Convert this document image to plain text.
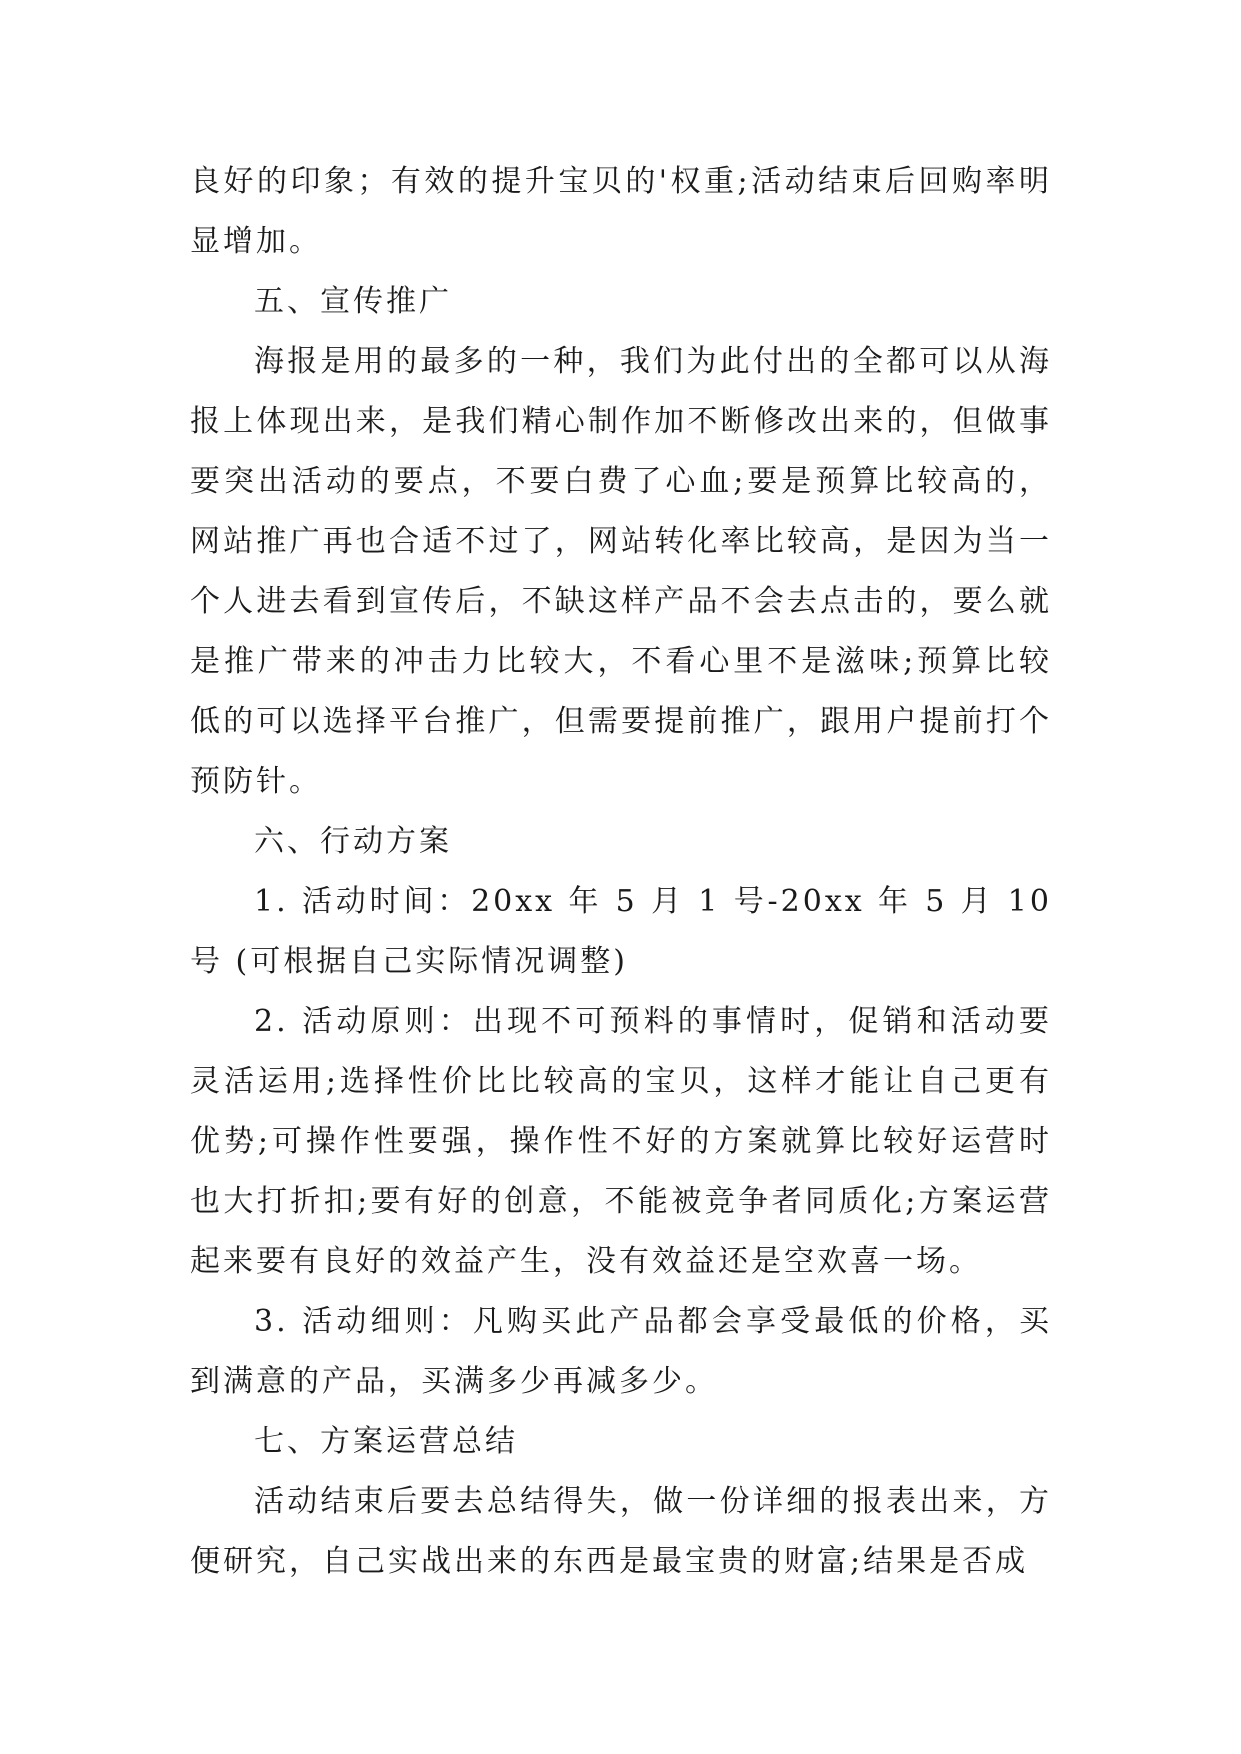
良好的印象；有效的提升宝贝的'权重;活动结束后回购率明显增加。

五、宣传推广

海报是用的最多的一种，我们为此付出的全都可以从海报上体现出来，是我们精心制作加不断修改出来的，但做事要突出活动的要点，不要白费了心血;要是预算比较高的，网站推广再也合适不过了，网站转化率比较高，是因为当一个人进去看到宣传后，不缺这样产品不会去点击的，要么就是推广带来的冲击力比较大，不看心里不是滋味;预算比较低的可以选择平台推广，但需要提前推广，跟用户提前打个预防针。

六、行动方案

1. 活动时间：20xx 年 5 月 1 号-20xx 年 5 月 10 号 (可根据自己实际情况调整)

2. 活动原则：出现不可预料的事情时，促销和活动要灵活运用;选择性价比比较高的宝贝，这样才能让自己更有优势;可操作性要强，操作性不好的方案就算比较好运营时也大打折扣;要有好的创意，不能被竞争者同质化;方案运营起来要有良好的效益产生，没有效益还是空欢喜一场。

3. 活动细则：凡购买此产品都会享受最低的价格，买到满意的产品，买满多少再减多少。

七、方案运营总结

活动结束后要去总结得失，做一份详细的报表出来，方便研究，自己实战出来的东西是最宝贵的财富;结果是否成
